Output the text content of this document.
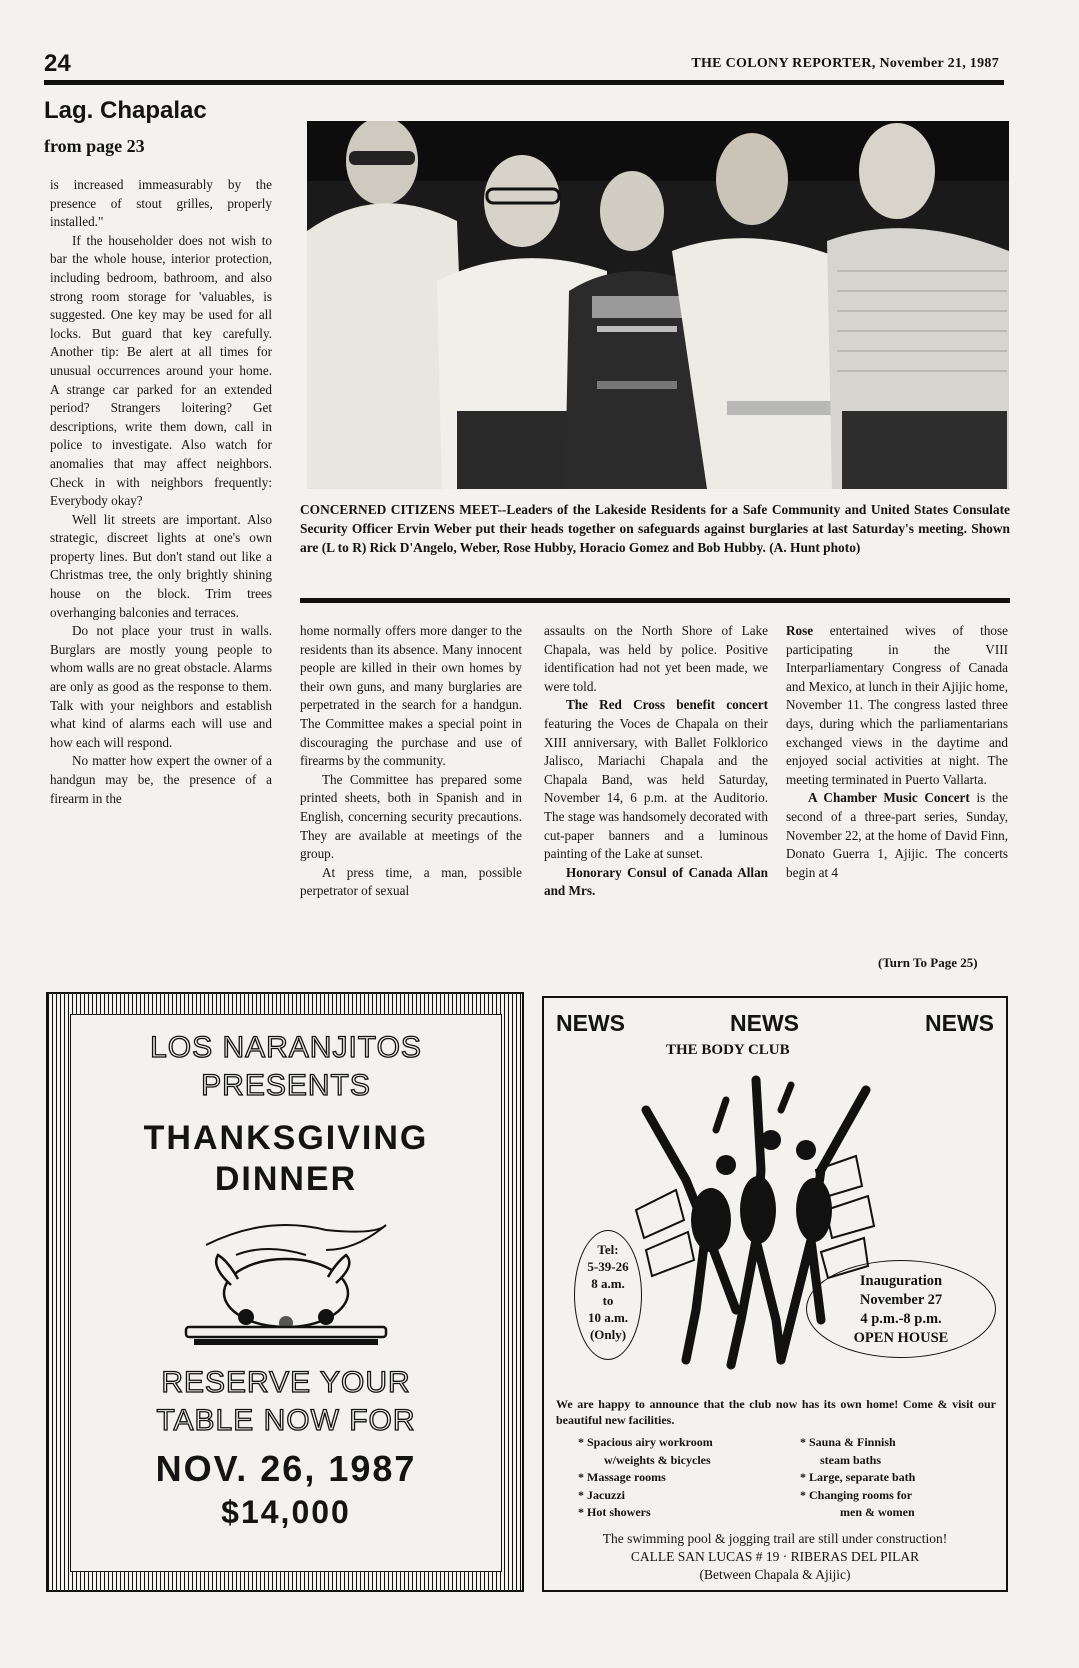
24	THE COLONY REPORTER, November 21, 1987
Lag. Chapalac
from page 23

is increased immeasurably by the presence of stout grilles, properly installed."

If the householder does not wish to bar the whole house, interior protection, including bedroom, bathroom, and also strong room storage for 'valuables, is suggested. One key may be used for all locks. But guard that key carefully. Another tip: Be alert at all times for unusual occurrences around your home. A strange car parked for an extended period? Strangers loitering? Get descriptions, write them down, call in police to investigate. Also watch for anomalies that may affect neighbors. Check in with neighbors frequently: Everybody okay?

Well lit streets are important. Also strategic, discreet lights at one's own property lines. But don't stand out like a Christmas tree, the only brightly shining house on the block. Trim trees overhanging balconies and terraces.

Do not place your trust in walls. Burglars are mostly young people to whom walls are no great obstacle. Alarms are only as good as the response to them. Talk with your neighbors and establish what kind of alarms each will use and how each will respond.

No matter how expert the owner of a handgun may be, the presence of a firearm in the

CONCERNED CITIZENS MEET--Leaders of the Lakeside Residents for a Safe Community and United States Consulate Security Officer Ervin Weber put their heads together on safeguards against burglaries at last Saturday's meeting. Shown are (L to R) Rick D'Angelo, Weber, Rose Hubby, Horacio Gomez and Bob Hubby. (A. Hunt photo)

home normally offers more danger to the residents than its absence. Many innocent people are killed in their own homes by their own guns, and many burglaries are perpetrated in the search for a handgun. The Committee makes a special point in discouraging the purchase and use of firearms by the community.

The Committee has prepared some printed sheets, both in Spanish and in English, concerning security precautions. They are available at meetings of the group.

At press time, a man, possible perpetrator of sexual

assaults on the North Shore of Lake Chapala, was held by police. Positive identification had not yet been made, we were told.

The Red Cross benefit concert featuring the Voces de Chapala on their XIII anniversary, with Ballet Folklorico Jalisco, Mariachi Chapala and the Chapala Band, was held Saturday, November 14, 6 p.m. at the Auditorio. The stage was handsomely decorated with cut-paper banners and a luminous painting of the Lake at sunset.

Honorary Consul of Canada Allan and Mrs.

Rose entertained wives of those participating in the VIII Interparliamentary Congress of Canada and Mexico, at lunch in their Ajijic home, November 11. The congress lasted three days, during which the parliamentarians exchanged views in the daytime and enjoyed social activities at night. The meeting terminated in Puerto Vallarta.

A Chamber Music Concert is the second of a three-part series, Sunday, November 22, at the home of David Finn, Donato Guerra 1, Ajijic. The concerts begin at 4

(Turn To Page 25)
LOS NARANJITOS
PRESENTS
THANKSGIVING
DINNER
RESERVE YOUR
TABLE NOW FOR
NOV. 26, 1987
$14,000
NEWS	NEWS	NEWS
THE BODY CLUB
Tel:
5-39-26
8 a.m.
to
10 a.m.
(Only)
Inauguration
November 27
4 p.m.-8 p.m.
OPEN HOUSE
We are happy to announce that the club now has its own home! Come & visit our beautiful new facilities.
* Spacious airy workroom
w/weights & bicycles
* Massage rooms
* Jacuzzi
* Hot showers
* Sauna & Finnish
steam baths
* Large, separate bath
* Changing rooms for
men & women
The swimming pool & jogging trail are still under construction!
CALLE SAN LUCAS # 19 · RIBERAS DEL PILAR
(Between Chapala & Ajijic)
